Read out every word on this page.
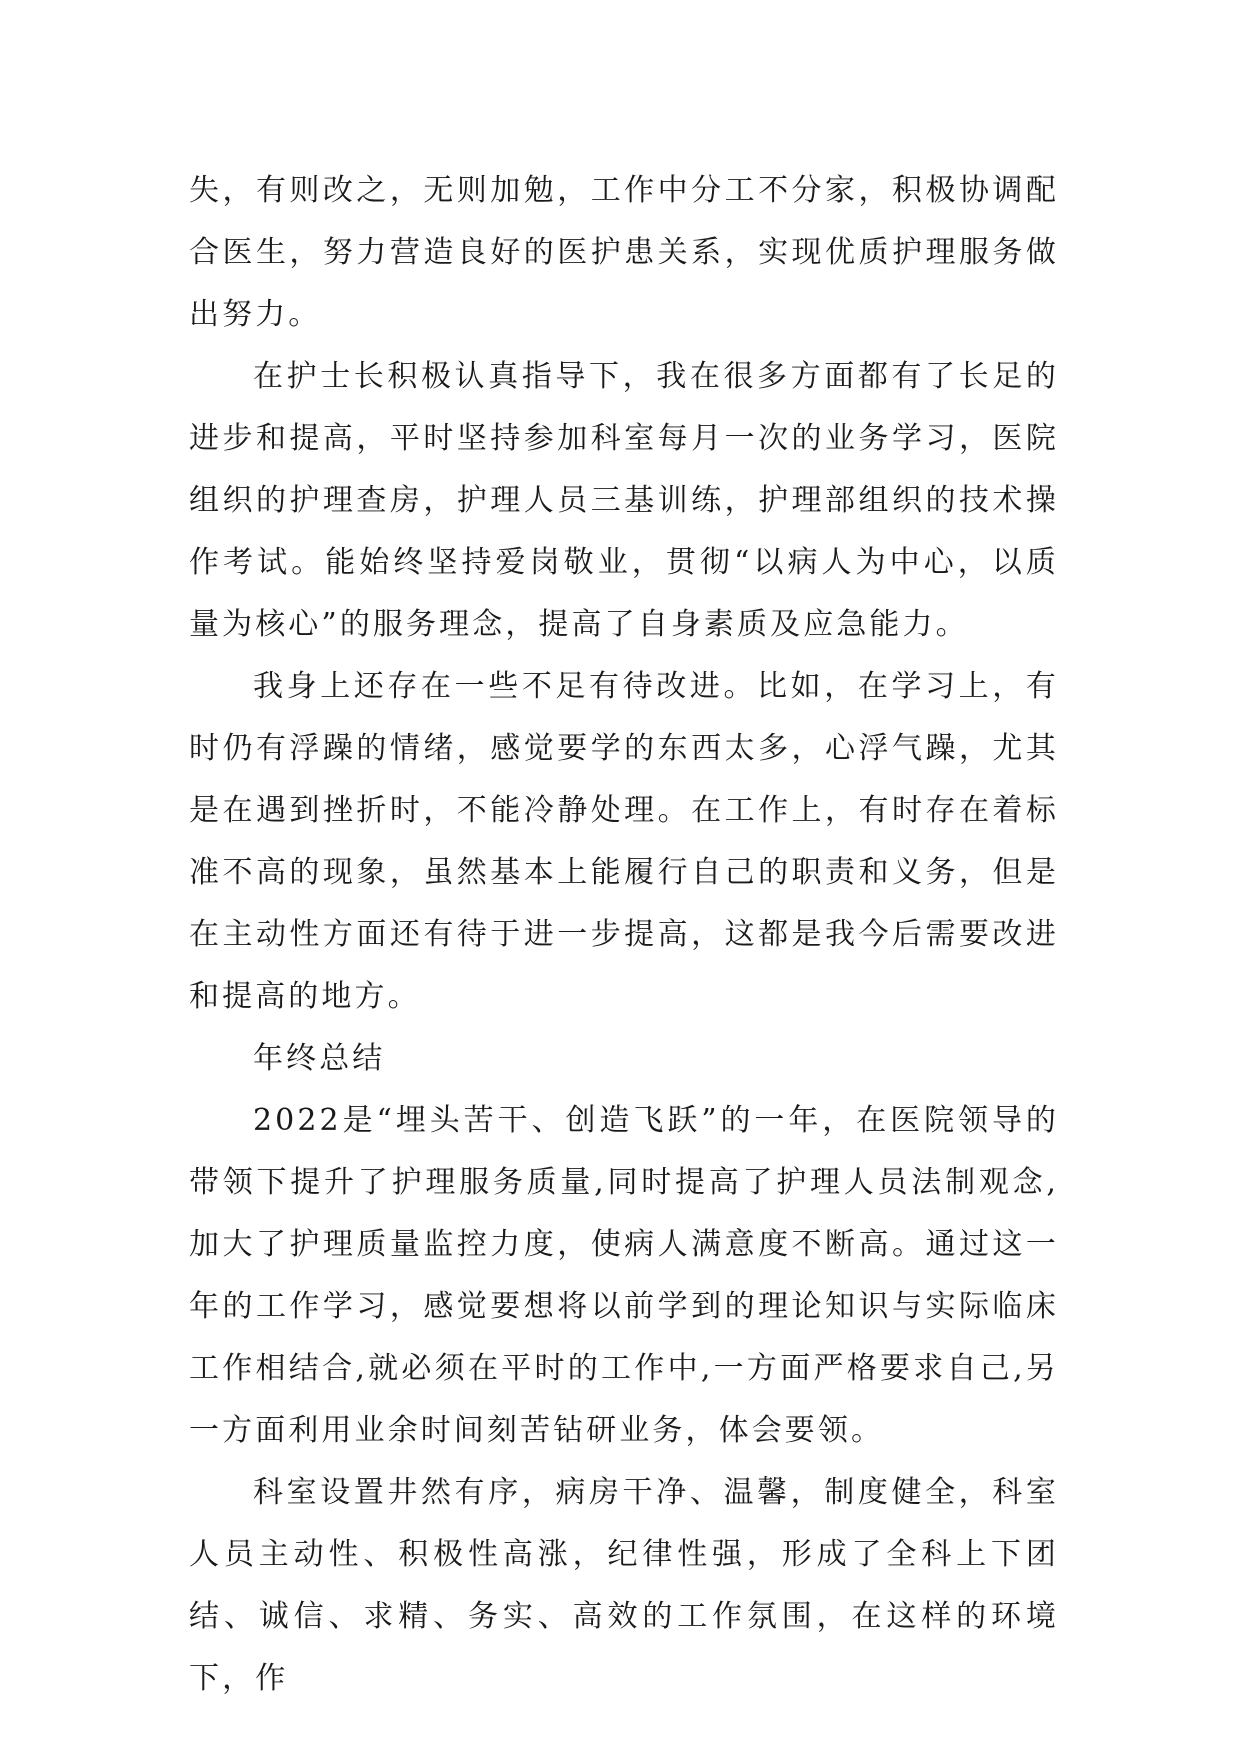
失，有则改之，无则加勉，工作中分工不分家，积极协调配合医生，努力营造良好的医护患关系，实现优质护理服务做出努力。

在护士长积极认真指导下，我在很多方面都有了长足的进步和提高，平时坚持参加科室每月一次的业务学习，医院组织的护理查房，护理人员三基训练，护理部组织的技术操作考试。能始终坚持爱岗敬业，贯彻“以病人为中心，以质量为核心”的服务理念，提高了自身素质及应急能力。

我身上还存在一些不足有待改进。比如，在学习上，有时仍有浮躁的情绪，感觉要学的东西太多，心浮气躁，尤其是在遇到挫折时，不能冷静处理。在工作上，有时存在着标准不高的现象，虽然基本上能履行自己的职责和义务，但是在主动性方面还有待于进一步提高，这都是我今后需要改进和提高的地方。

年终总结

2022是“埋头苦干、创造飞跃”的一年，在医院领导的带领下提升了护理服务质量,同时提高了护理人员法制观念,加大了护理质量监控力度，使病人满意度不断高。通过这一年的工作学习，感觉要想将以前学到的理论知识与实际临床工作相结合,就必须在平时的工作中,一方面严格要求自己,另一方面利用业余时间刻苦钻研业务，体会要领。

科室设置井然有序，病房干净、温馨，制度健全，科室人员主动性、积极性高涨，纪律性强，形成了全科上下团结、诚信、求精、务实、高效的工作氛围，在这样的环境下，作
